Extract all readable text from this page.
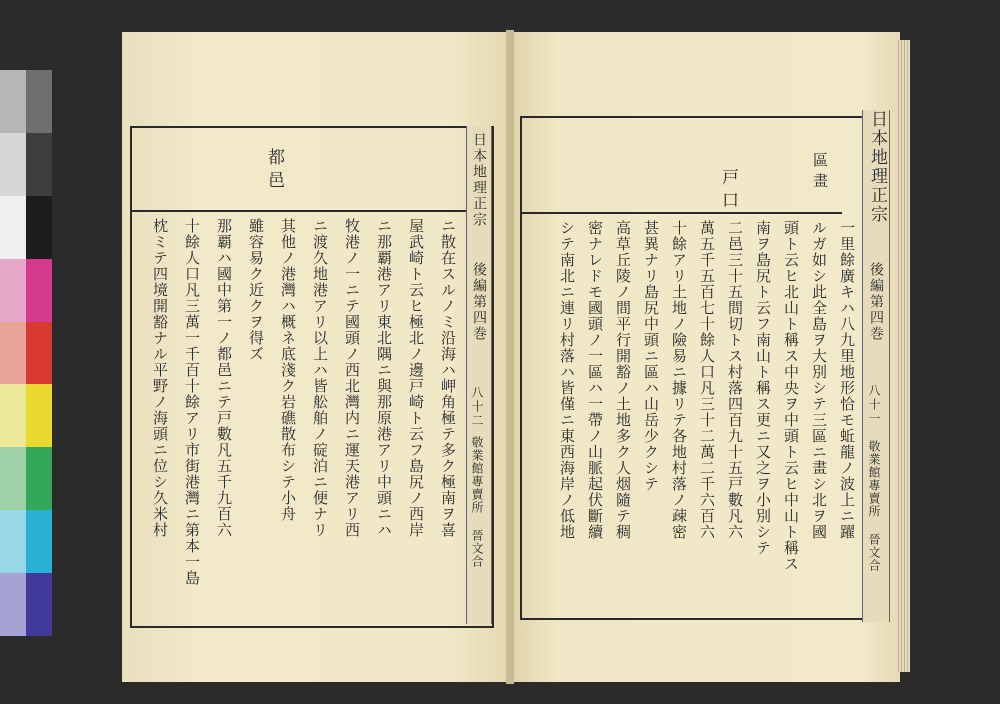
日本地理正宗
後編第四巻
八十二
敬業館專賣所 晉文合
都邑
ニ散在スルノミ沿海ハ岬角極テ多ク極南ヲ喜
屋武崎ト云ヒ極北ノ邊戸崎ト云フ島尻ノ西岸
ニ那覇港アリ東北隅ニ與那原港アリ中頭ニハ
牧港ノ一ニテ國頭ノ西北灣内ニ運天港アリ西
ニ渡久地港アリ以上ハ皆舩舶ノ碇泊ニ便ナリ
其他ノ港灣ハ概ネ底淺ク岩礁散布シテ小舟
雖容易ク近クヲ得ズ
那覇ハ國中第一ノ都邑ニテ戸數凡五千九百六
十餘人口凡三萬一千百十餘アリ市街港灣ニ第本一島
枕ミテ四境開豁ナル平野ノ海頭ニ位シ久米村
日本地理正宗
後編第四巻
八十一
敬業館專賣所 晉文合
區畫
戸口
一里餘廣キハ八九里地形恰モ蚯龍ノ波上ニ躍
ルガ如シ此全島ヲ大別シテ三區ニ畫シ北ヲ國
頭ト云ヒ北山ト稱ス中央ヲ中頭ト云ヒ中山ト稱ス
南ヲ島尻ト云フ南山ト稱ス更ニ又之ヲ小別シテ
二邑三十五間切トス村落四百九十五戸數凡六
萬五千五百七十餘人口凡三十二萬二千六百六
十餘アリ土地ノ險易ニ據リテ各地村落ノ疎密
甚異ナリ島尻中頭ニ區ハ山岳少クシテ
高草丘陵ノ間平行開豁ノ土地多ク人烟隨テ稠
密ナレドモ國頭ノ一區ハ一帶ノ山脈起伏斷續
シテ南北ニ連リ村落ハ皆僅ニ東西海岸ノ低地
